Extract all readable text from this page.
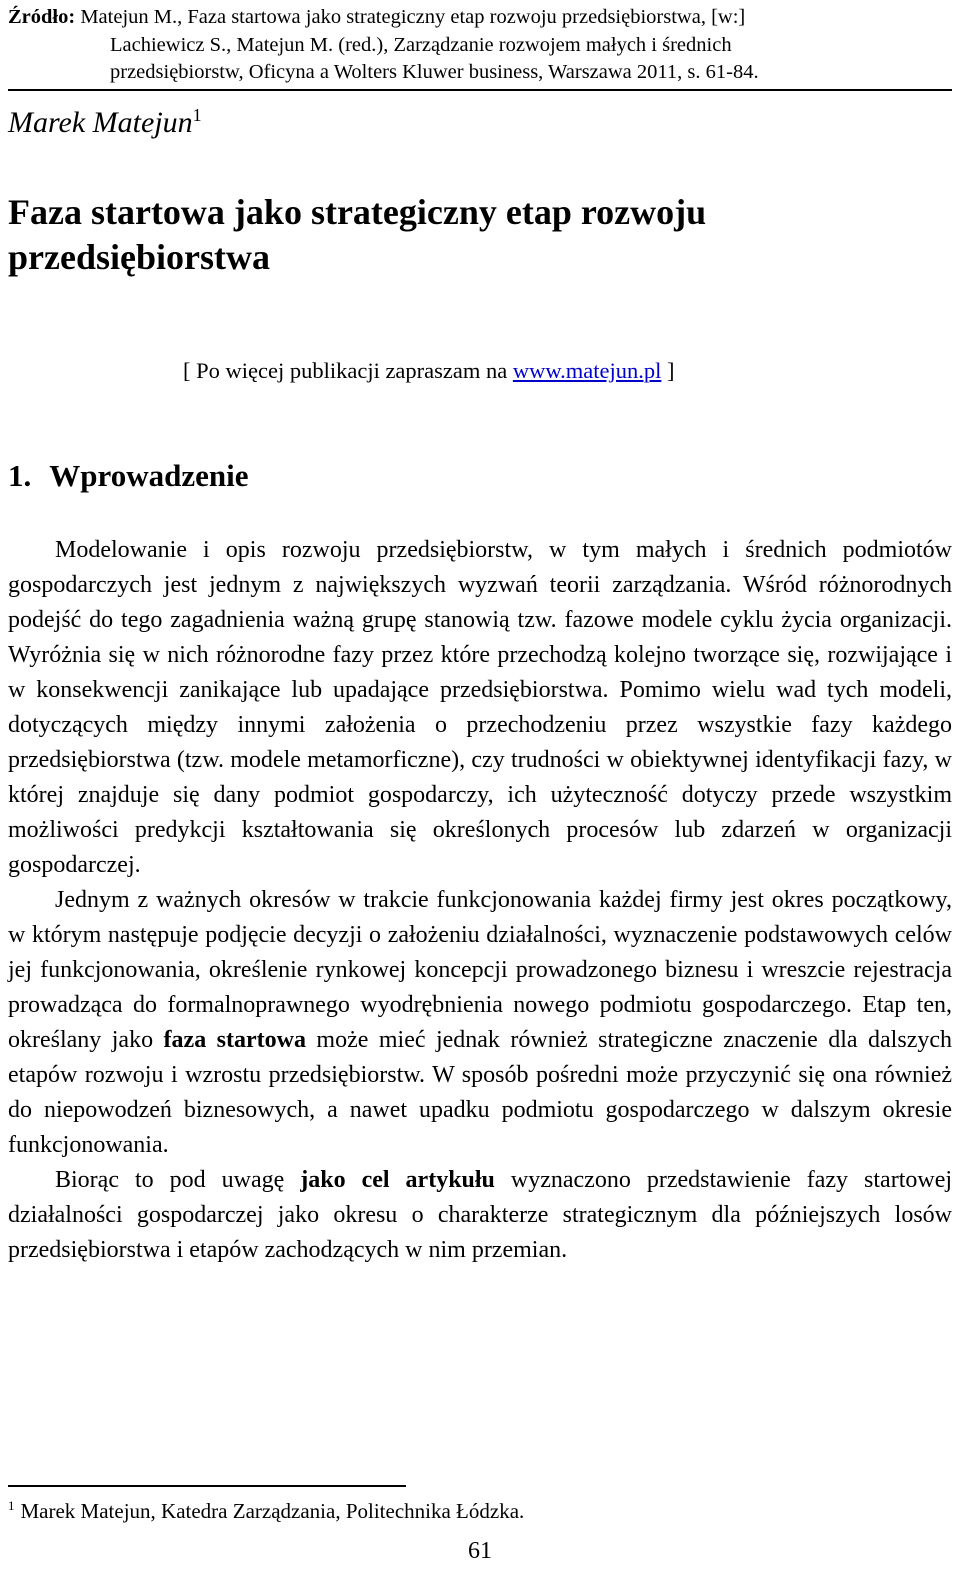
Źródło: Matejun M., Faza startowa jako strategiczny etap rozwoju przedsiębiorstwa, [w:]
Lachiewicz S., Matejun M. (red.), Zarządzanie rozwojem małych i średnich
przedsiębiorstw, Oficyna a Wolters Kluwer business, Warszawa 2011, s. 61-84.
Marek Matejun$^1$
Faza startowa jako strategiczny etap rozwoju
przedsiębiorstwa
[ Po więcej publikacji zapraszam na www.matejun.pl ]
1. Wprowadzenie

Modelowanie i opis rozwoju przedsiębiorstw, w tym małych i średnich podmiotów gospodarczych jest jednym z największych wyzwań teorii zarządzania. Wśród różnorodnych podejść do tego zagadnienia ważną grupę stanowią tzw. fazowe modele cyklu życia organizacji. Wyróżnia się w nich różnorodne fazy przez które przechodzą kolejno tworzące się, rozwijające i w konsekwencji zanikające lub upadające przedsiębiorstwa. Pomimo wielu wad tych modeli, dotyczących między innymi założenia o przechodzeniu przez wszystkie fazy każdego przedsiębiorstwa (tzw. modele metamorficzne), czy trudności w obiektywnej identyfikacji fazy, w której znajduje się dany podmiot gospodarczy, ich użyteczność dotyczy przede wszystkim możliwości predykcji kształtowania się określonych procesów lub zdarzeń w organizacji gospodarczej.

Jednym z ważnych okresów w trakcie funkcjonowania każdej firmy jest okres początkowy, w którym następuje podjęcie decyzji o założeniu działalności, wyznaczenie podstawowych celów jej funkcjonowania, określenie rynkowej koncepcji prowadzonego biznesu i wreszcie rejestracja prowadząca do formalnoprawnego wyodrębnienia nowego podmiotu gospodarczego. Etap ten, określany jako faza startowa może mieć jednak również strategiczne znaczenie dla dalszych etapów rozwoju i wzrostu przedsiębiorstw. W sposób pośredni może przyczynić się ona również do niepowodzeń biznesowych, a nawet upadku podmiotu gospodarczego w dalszym okresie funkcjonowania.

Biorąc to pod uwagę jako cel artykułu wyznaczono przedstawienie fazy startowej działalności gospodarczej jako okresu o charakterze strategicznym dla późniejszych losów przedsiębiorstwa i etapów zachodzących w nim przemian.

$^1$ Marek Matejun, Katedra Zarządzania, Politechnika Łódzka.
61
